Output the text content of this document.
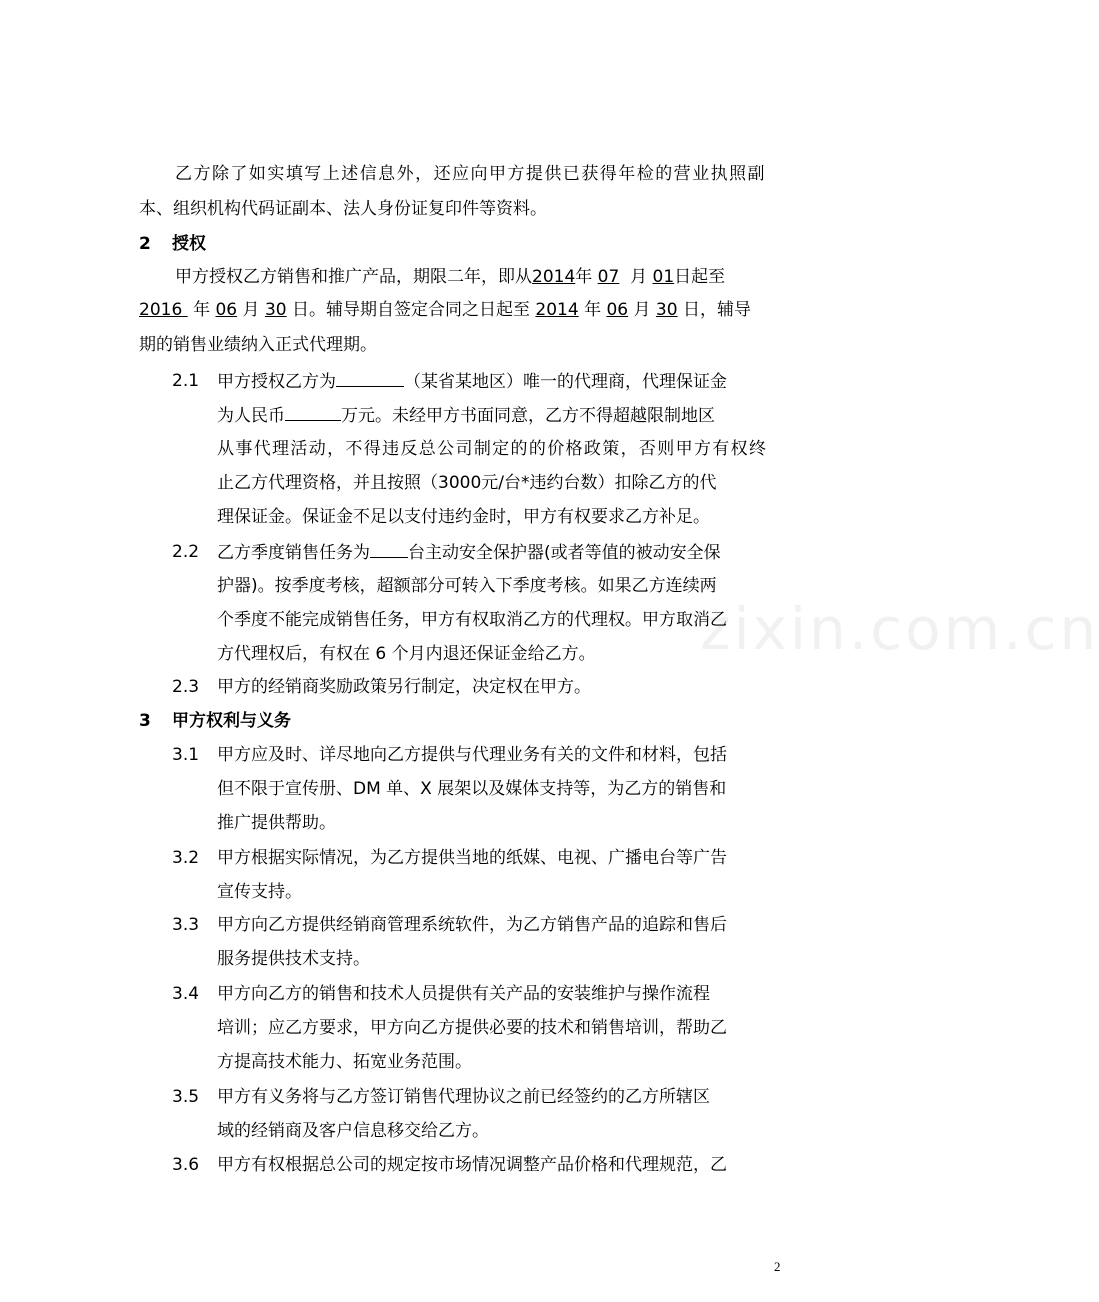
zixin.com.cn
乙 方 除 了 如 实 填 写 上 述 信 息 外 ， 还 应 向 甲 方 提 供 已 获 得 年 检 的 营 业 执 照 副
本、组织机构代码证副本、法人身份证复印件等资料。
2 授权
甲方授权乙方销售和推广产品，期限二年，即从2014年 07 月 01日起至
2016 年 06 月 30 日。辅导期自签定合同之日起至 2014 年 06 月 30 日，辅导
期的销售业绩纳入正式代理期。
2.1 甲方授权乙方为	（某省某地区）唯一的代理商，代理保证金
为人民币	万元。未经甲方书面同意，乙方不得超越限制地区
从 事 代 理 活 动 ， 不 得 违 反 总 公 司 制 定 的 的 价 格 政 策 ， 否 则 甲 方 有 权 终
止乙方代理资格，并且按照（3000元/台*违约台数）扣除乙方的代
理保证金。保证金不足以支付违约金时，甲方有权要求乙方补足。
2.2 乙方季度销售任务为 台主动安全保护器(或者等值的被动安全保
护器)。按季度考核，超额部分可转入下季度考核。如果乙方连续两
个季度不能完成销售任务，甲方有权取消乙方的代理权。甲方取消乙
方代理权后，有权在 6 个月内退还保证金给乙方。
2.3 甲方的经销商奖励政策另行制定，决定权在甲方。
3 甲方权利与义务
3.1 甲方应及时、详尽地向乙方提供与代理业务有关的文件和材料，包括
但不限于宣传册、DM 单、X 展架以及媒体支持等，为乙方的销售和
推广提供帮助。
3.2 甲方根据实际情况，为乙方提供当地的纸媒、电视、广播电台等广告
宣传支持。
3.3 甲方向乙方提供经销商管理系统软件，为乙方销售产品的追踪和售后
服务提供技术支持。
3.4 甲方向乙方的销售和技术人员提供有关产品的安装维护与操作流程
培训；应乙方要求，甲方向乙方提供必要的技术和销售培训，帮助乙
方提高技术能力、拓宽业务范围。
3.5 甲方有义务将与乙方签订销售代理协议之前已经签约的乙方所辖区
域的经销商及客户信息移交给乙方。
3.6 甲方有权根据总公司的规定按市场情况调整产品价格和代理规范，乙
2
